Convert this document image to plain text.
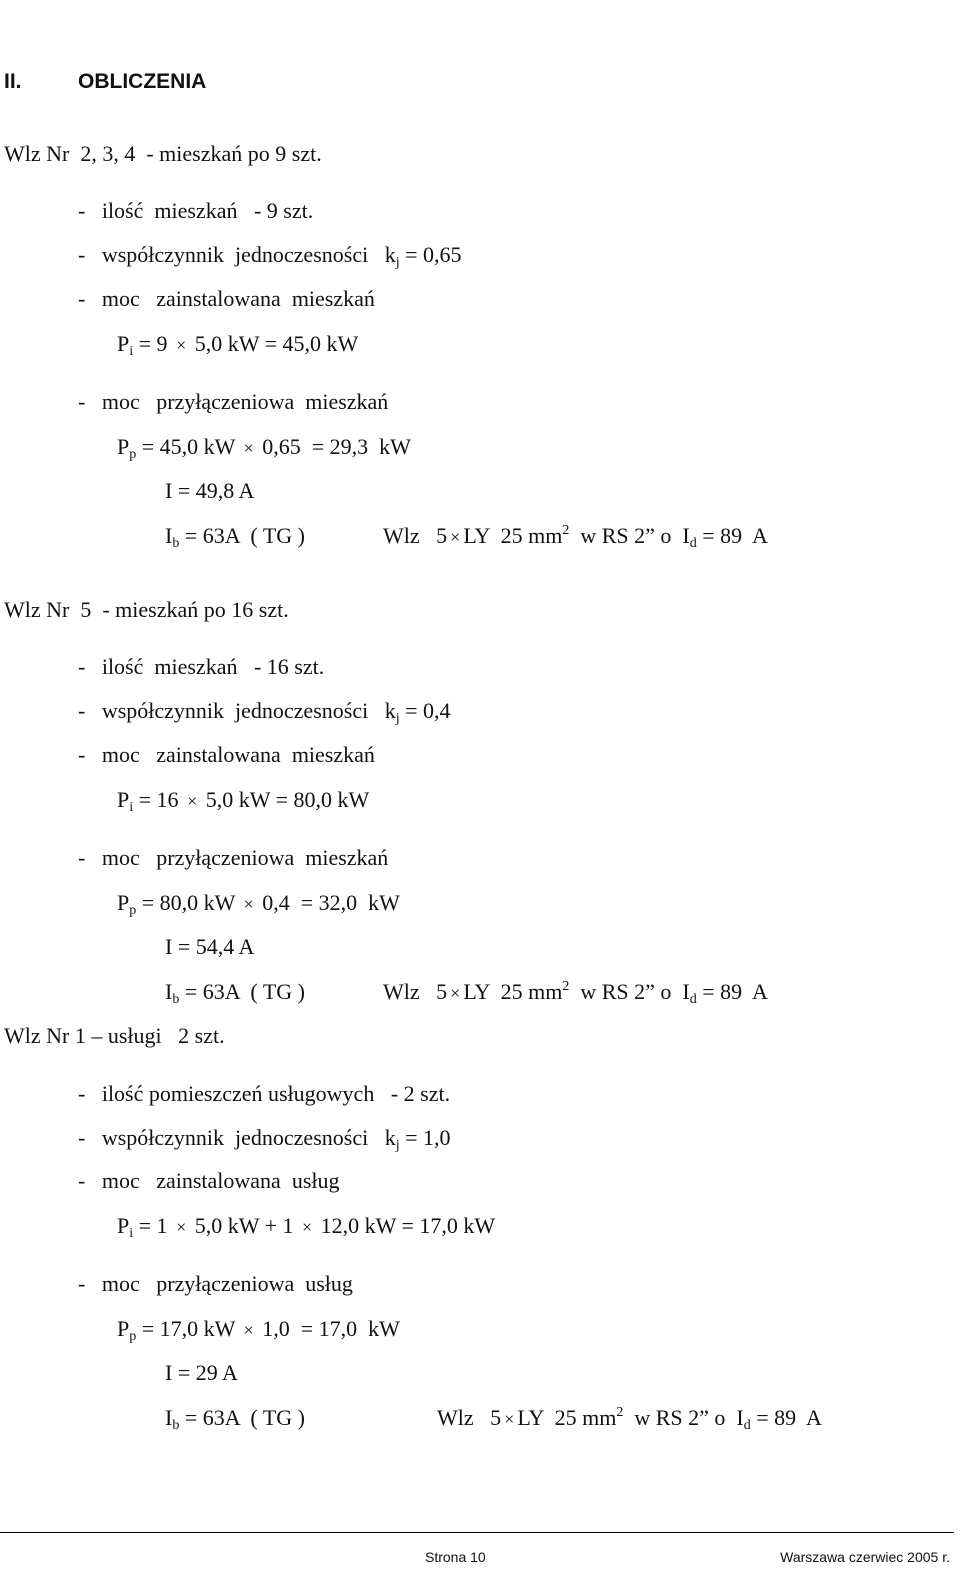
II.	OBLICZENIA
Wlz Nr  2, 3, 4  - mieszkań po 9 szt.
-   ilość  mieszkań   - 9 szt.
-   współczynnik  jednoczesności   $k_j = 0,65$
-   moc   zainstalowana  mieszkań
$P_i = 9 \times 5,0$ kW = 45,0 kW
-   moc   przyłączeniowa  mieszkań
$P_p = 45,0$ kW × 0,65  = 29,3  kW
I = 49,8 A
$I_b = 63A$  ( TG )	Wlz   5 × LY  25 $mm^2$  w RS 2” o  $I_d = 89$  A
Wlz Nr  5  - mieszkań po 16 szt.
-   ilość  mieszkań   - 16 szt.
-   współczynnik  jednoczesności   $k_j = 0,4$
-   moc   zainstalowana  mieszkań
$P_i = 16 \times 5,0$ kW = 80,0 kW
-   moc   przyłączeniowa  mieszkań
$P_p = 80,0$ kW × 0,4  = 32,0  kW
I = 54,4 A
$I_b = 63A$  ( TG )	Wlz   5 × LY  25 $mm^2$  w RS 2” o  $I_d = 89$  A
Wlz Nr 1 – usługi   2 szt.
-   ilość pomieszczeń usługowych   - 2 szt.
-   współczynnik  jednoczesności   $k_j = 1,0$
-   moc   zainstalowana  usług
$P_i = 1 \times 5,0$ kW + 1 × 12,0 kW = 17,0 kW
-   moc   przyłączeniowa  usług
$P_p = 17,0$ kW × 1,0  = 17,0  kW
I = 29 A
$I_b = 63A$  ( TG )	Wlz   5 × LY  25 $mm^2$  w RS 2” o  $I_d = 89$  A
Strona 10	Warszawa czerwiec 2005 r.
